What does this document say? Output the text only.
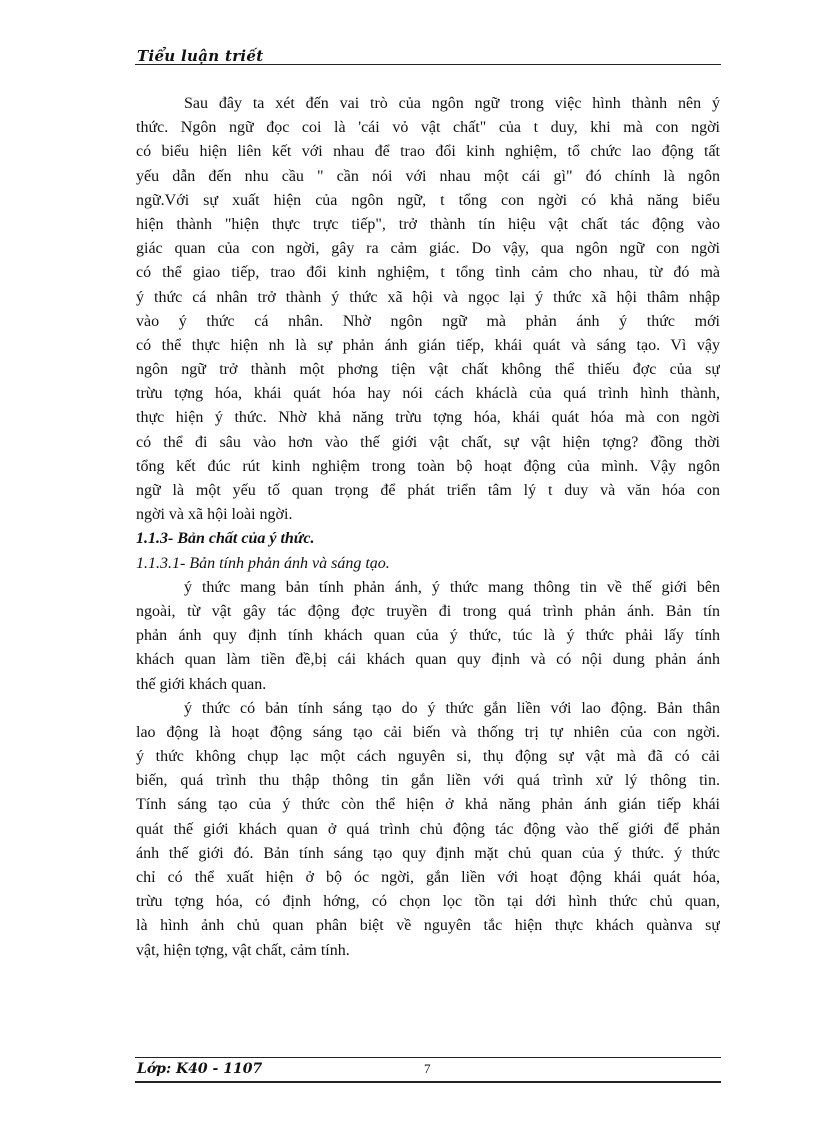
Tiểu luận triết
Sau đây ta xét đến vai trò của ngôn ngữ trong việc hình thành nên ý
thức. Ngôn ngữ đọc coi là 'cái vỏ vật chất" của t duy, khi mà con ngời
có biểu hiện liên kết với nhau để trao đổi kinh nghiệm, tổ chức lao động tất
yếu dẫn đến nhu cầu " cần nói với nhau một cái gì" đó chính là ngôn
ngữ.Với sự xuất hiện của ngôn ngữ, t tổng con ngời có khả năng biểu
hiện thành "hiện thực trực tiếp", trở thành tín hiệu vật chất tác động vào
giác quan của con ngời, gây ra cảm giác. Do vậy, qua ngôn ngữ con ngời
có thể giao tiếp, trao đổi kinh nghiệm, t tổng tình cảm cho nhau, từ đó mà
ý thức cá nhân trở thành ý thức xã hội và ngọc lại ý thức xã hội thâm nhập
vào ý thức cá nhân. Nhờ ngôn ngữ mà phản ánh ý thức mới
có thể thực hiện nh là sự phản ánh gián tiếp, khái quát và sáng tạo. Vì vậy
ngôn ngữ trở thành một phơng tiện vật chất không thể thiếu đợc của sự
trừu tợng hóa, khái quát hóa hay nói cách kháclà của quá trình hình thành,
thực hiện ý thức. Nhờ khả năng trừu tợng hóa, khái quát hóa mà con ngời
có thể đi sâu vào hơn vào thế giới vật chất, sự vật hiện tợng? đồng thời
tổng kết đúc rút kinh nghiệm trong toàn bộ hoạt động của mình. Vậy ngôn
ngữ là một yếu tố quan trọng để phát triển tâm lý t duy và văn hóa con
ngời và xã hội loài ngời.
1.1.3- Bản chất của ý thức.
1.1.3.1- Bản tính phản ánh và sáng tạo.
ý thức mang bản tính phản ánh, ý thức mang thông tin về thế giới bên
ngoài, từ vật gây tác động đợc truyền đi trong quá trình phản ánh. Bản tín
phản ánh quy định tính khách quan của ý thức, túc là ý thức phải lấy tính
khách quan làm tiền đề,bị cái khách quan quy định và có nội dung phản ánh
thế giới khách quan.
ý thức có bản tính sáng tạo do ý thức gắn liền với lao động. Bản thân
lao động là hoạt động sáng tạo cải biến và thống trị tự nhiên của con ngời.
ý thức không chụp lạc một cách nguyên si, thụ động sự vật mà đã có cải
biến, quá trình thu thập thông tin gắn liền với quá trình xử lý thông tin.
Tính sáng tạo của ý thức còn thể hiện ở khả năng phản ánh gián tiếp khái
quát thế giới khách quan ở quá trình chủ động tác động vào thế giới để phản
ánh thế giới đó. Bản tính sáng tạo quy định mặt chủ quan của ý thức. ý thức
chỉ có thể xuất hiện ở bộ óc ngời, gắn liền với hoạt động khái quát hóa,
trừu tợng hóa, có định hớng, có chọn lọc tồn tại dới hình thức chủ quan,
là hình ảnh chủ quan phân biệt về nguyên tắc hiện thực khách quànva sự
vật, hiện tợng, vật chất, cảm tính.
Lớp: K40 - 1107	7
